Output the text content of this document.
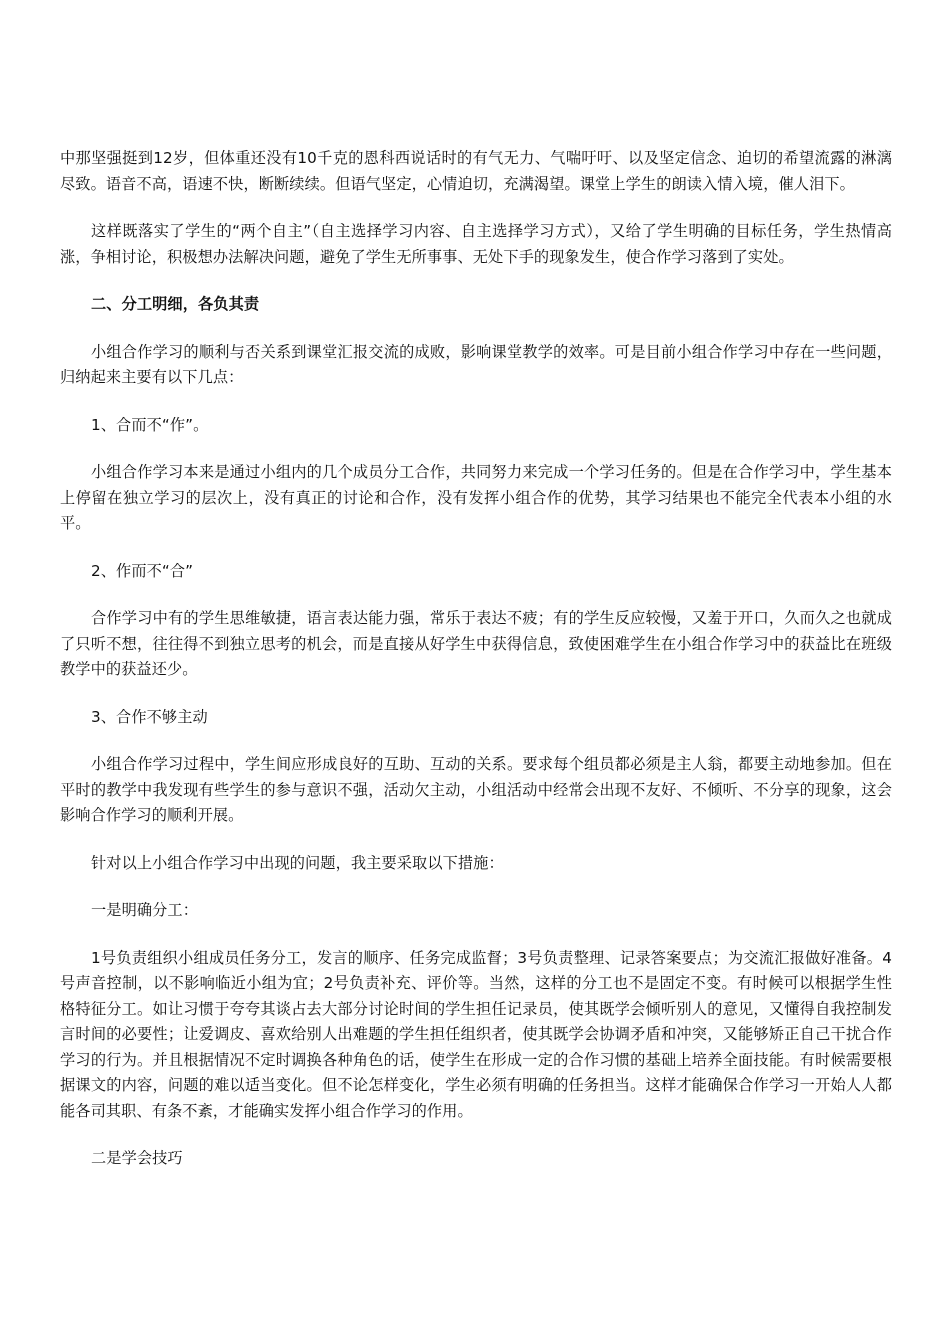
中那坚强挺到12岁，但体重还没有10千克的恩科西说话时的有气无力、气喘吁吁、以及坚定信念、迫切的希望流露的淋漓尽致。语音不高，语速不快，断断续续。但语气坚定，心情迫切，充满渴望。课堂上学生的朗读入情入境，催人泪下。

这样既落实了学生的“两个自主”（自主选择学习内容、自主选择学习方式），又给了学生明确的目标任务，学生热情高涨，争相讨论，积极想办法解决问题，避免了学生无所事事、无处下手的现象发生，使合作学习落到了实处。

二、分工明细，各负其责

小组合作学习的顺利与否关系到课堂汇报交流的成败，影响课堂教学的效率。可是目前小组合作学习中存在一些问题，归纳起来主要有以下几点：

1、合而不“作”。

小组合作学习本来是通过小组内的几个成员分工合作，共同努力来完成一个学习任务的。但是在合作学习中，学生基本上停留在独立学习的层次上，没有真正的讨论和合作，没有发挥小组合作的优势，其学习结果也不能完全代表本小组的水平。

2、作而不“合”

合作学习中有的学生思维敏捷，语言表达能力强，常乐于表达不疲；有的学生反应较慢，又羞于开口，久而久之也就成了只听不想，往往得不到独立思考的机会，而是直接从好学生中获得信息，致使困难学生在小组合作学习中的获益比在班级教学中的获益还少。

3、合作不够主动

小组合作学习过程中，学生间应形成良好的互助、互动的关系。要求每个组员都必须是主人翁，都要主动地参加。但在平时的教学中我发现有些学生的参与意识不强，活动欠主动，小组活动中经常会出现不友好、不倾听、不分享的现象，这会影响合作学习的顺利开展。

针对以上小组合作学习中出现的问题，我主要采取以下措施：

一是明确分工：

1号负责组织小组成员任务分工，发言的顺序、任务完成监督；3号负责整理、记录答案要点；为交流汇报做好准备。4号声音控制，以不影响临近小组为宜；2号负责补充、评价等。当然，这样的分工也不是固定不变。有时候可以根据学生性格特征分工。如让习惯于夸夸其谈占去大部分讨论时间的学生担任记录员，使其既学会倾听别人的意见，又懂得自我控制发言时间的必要性；让爱调皮、喜欢给别人出难题的学生担任组织者，使其既学会协调矛盾和冲突，又能够矫正自己干扰合作学习的行为。并且根据情况不定时调换各种角色的话，使学生在形成一定的合作习惯的基础上培养全面技能。有时候需要根据课文的内容，问题的难以适当变化。但不论怎样变化，学生必须有明确的任务担当。这样才能确保合作学习一开始人人都能各司其职、有条不紊，才能确实发挥小组合作学习的作用。

二是学会技巧
